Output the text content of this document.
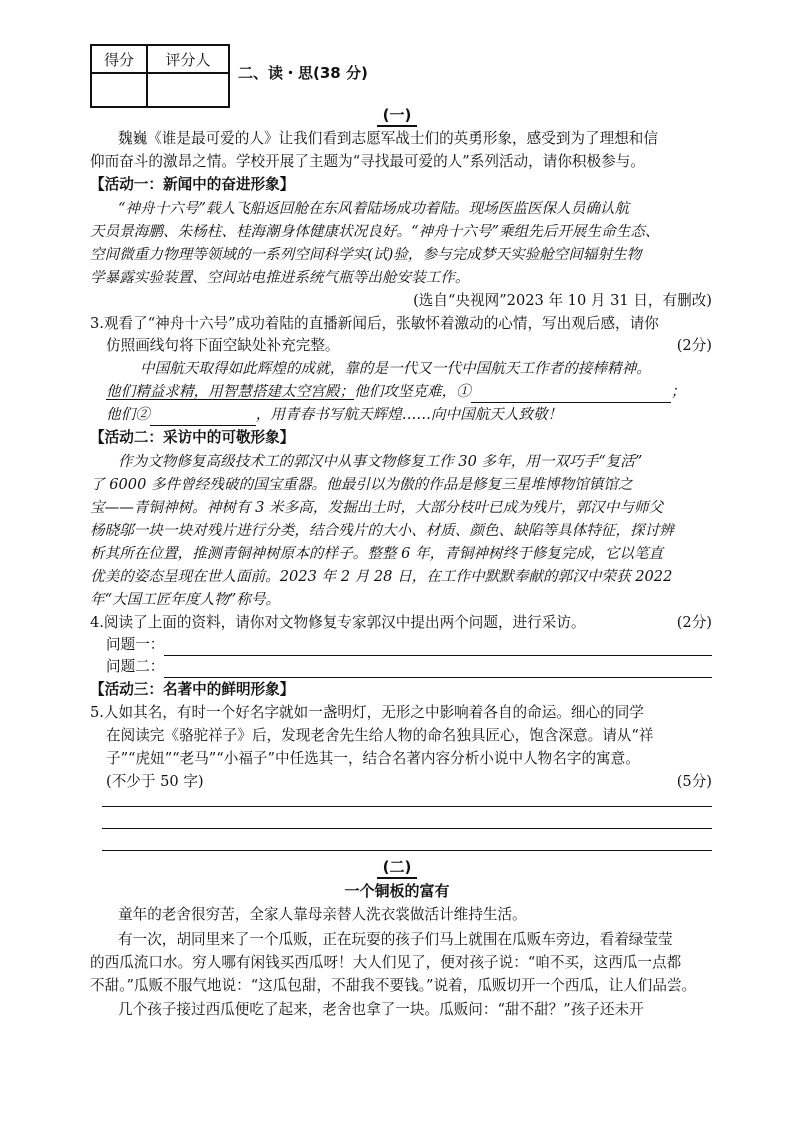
得分	评分人

二、读・思(38 分)
(一)
魏巍《谁是最可爱的人》让我们看到志愿军战士们的英勇形象，感受到为了理想和信
仰而奋斗的激昂之情。学校开展了主题为“寻找最可爱的人”系列活动，请你积极参与。
【活动一：新闻中的奋进形象】
“神舟十六号”载人飞船返回舱在东风着陆场成功着陆。现场医监医保人员确认航
天员景海鹏、朱杨柱、桂海潮身体健康状况良好。“神舟十六号”乘组先后开展生命生态、
空间微重力物理等领域的一系列空间科学实(试)验，参与完成梦天实验舱空间辐射生物
学暴露实验装置、空间站电推进系统气瓶等出舱安装工作。
(选自“央视网”2023 年 10 月 31 日，有删改)
3.观看了“神舟十六号”成功着陆的直播新闻后，张敏怀着激动的心情，写出观后感，请你
仿照画线句将下面空缺处补充完整。	(2分)
中国航天取得如此辉煌的成就，靠的是一代又一代中国航天工作者的接棒精神。
他们精益求精，用智慧搭建太空宫殿；他们攻坚克难，①	；
他们②	，用青春书写航天辉煌……向中国航天人致敬！
【活动二：采访中的可敬形象】
作为文物修复高级技术工的郭汉中从事文物修复工作 30 多年，用一双巧手“复活”
了 6000 多件曾经残破的国宝重器。他最引以为傲的作品是修复三星堆博物馆镇馆之
宝——青铜神树。神树有 3 米多高，发掘出土时，大部分枝叶已成为残片，郭汉中与师父
杨晓邬一块一块对残片进行分类，结合残片的大小、材质、颜色、缺陷等具体特征，探讨辨
析其所在位置，推测青铜神树原本的样子。整整 6 年，青铜神树终于修复完成，它以笔直
优美的姿态呈现在世人面前。2023 年 2 月 28 日，在工作中默默奉献的郭汉中荣获 2022
年“大国工匠年度人物”称号。
4.阅读了上面的资料，请你对文物修复专家郭汉中提出两个问题，进行采访。	(2分)
问题一：
问题二：
【活动三：名著中的鲜明形象】
5.人如其名，有时一个好名字就如一盏明灯，无形之中影响着各自的命运。细心的同学
在阅读完《骆驼祥子》后，发现老舍先生给人物的命名独具匠心，饱含深意。请从“祥
子”“虎妞”“老马”“小福子”中任选其一，结合名著内容分析小说中人物名字的寓意。
(不少于 50 字)	(5分)
(二)
一个铜板的富有
童年的老舍很穷苦，全家人靠母亲替人洗衣裳做活计维持生活。
有一次，胡同里来了一个瓜贩，正在玩耍的孩子们马上就围在瓜贩车旁边，看着绿莹莹
的西瓜流口水。穷人哪有闲钱买西瓜呀！大人们见了，便对孩子说：“咱不买，这西瓜一点都
不甜。”瓜贩不服气地说：“这瓜包甜，不甜我不要钱。”说着，瓜贩切开一个西瓜，让人们品尝。
几个孩子接过西瓜便吃了起来，老舍也拿了一块。瓜贩问：“甜不甜？”孩子还未开
